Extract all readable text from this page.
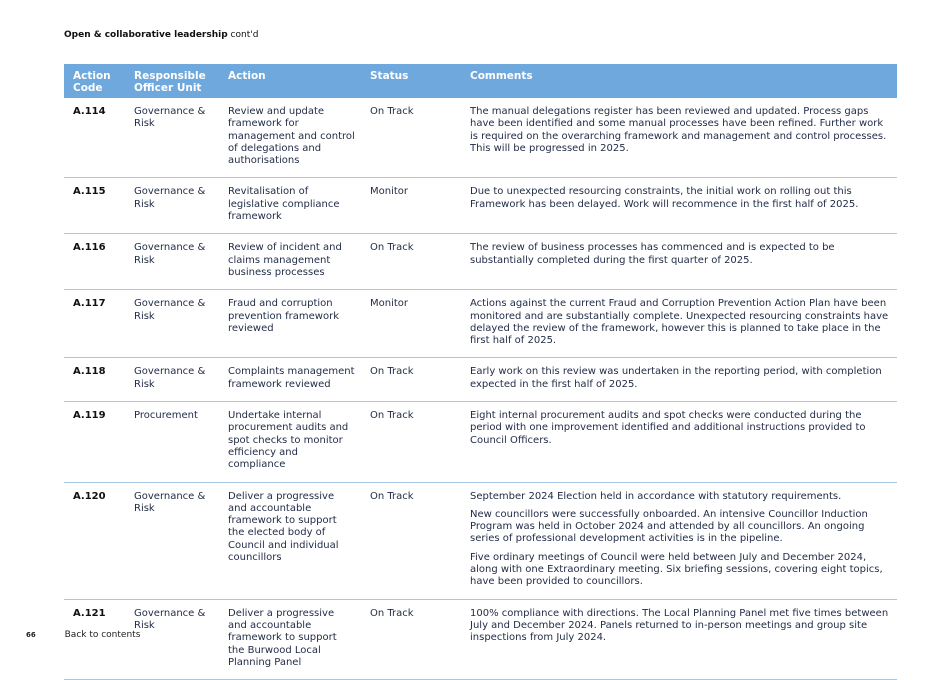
Open & collaborative leadership cont'd
Action Code	Responsible Officer Unit	Action	Status	Comments
A.114	Governance & Risk	Review and update framework for management and control of delegations and authorisations	On Track	The manual delegations register has been reviewed and updated. Process gaps have been identified and some manual processes have been refined. Further work is required on the overarching framework and management and control processes. This will be progressed in 2025.

A.115	Governance & Risk	Revitalisation of legislative compliance framework	Monitor	Due to unexpected resourcing constraints, the initial work on rolling out this Framework has been delayed. Work will recommence in the first half of 2025.

A.116	Governance & Risk	Review of incident and claims management business processes	On Track	The review of business processes has commenced and is expected to be substantially completed during the first quarter of 2025.

A.117	Governance & Risk	Fraud and corruption prevention framework reviewed	Monitor	Actions against the current Fraud and Corruption Prevention Action Plan have been monitored and are substantially complete. Unexpected resourcing constraints have delayed the review of the framework, however this is planned to take place in the first half of 2025.

A.118	Governance & Risk	Complaints management framework reviewed	On Track	Early work on this review was undertaken in the reporting period, with completion expected in the first half of 2025.

A.119	Procurement	Undertake internal procurement audits and spot checks to monitor efficiency and compliance	On Track	Eight internal procurement audits and spot checks were conducted during the period with one improvement identified and additional instructions provided to Council Officers.

A.120	Governance & Risk	Deliver a progressive and accountable framework to support the elected body of Council and individual councillors	On Track	September 2024 Election held in accordance with statutory requirements.

New councillors were successfully onboarded. An intensive Councillor Induction Program was held in October 2024 and attended by all councillors. An ongoing series of professional development activities is in the pipeline.

Five ordinary meetings of Council were held between July and December 2024, along with one Extraordinary meeting. Six briefing sessions, covering eight topics, have been provided to councillors.

A.121	Governance & Risk	Deliver a progressive and accountable framework to support the Burwood Local Planning Panel	On Track	100% compliance with directions. The Local Planning Panel met five times between July and December 2024. Panels returned to in-person meetings and group site inspections from July 2024.

66	Back to contents
